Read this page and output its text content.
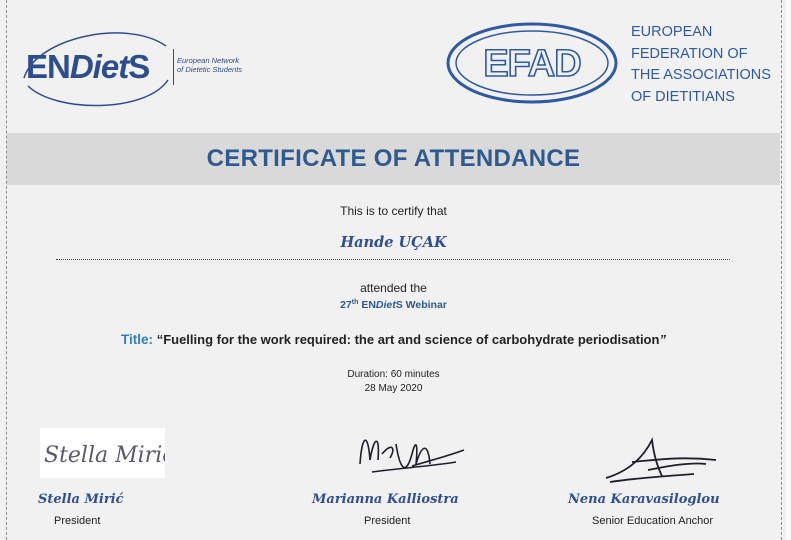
ENDietS	European Network
of Dietetic Students	EFAD
EUROPEAN
FEDERATION OF
THE ASSOCIATIONS
OF DIETITIANS
CERTIFICATE OF ATTENDANCE
This is to certify that
Hande UÇAK
attended the
27th ENDietS Webinar
Title: “Fuelling for the work required: the art and science of carbohydrate periodisation”
Duration: 60 minutes
28 May 2020
Stella Mirić
Stella Mirić
President
Marianna Kalliostra
President
Nena Karavasiloglou
Senior Education Anchor
